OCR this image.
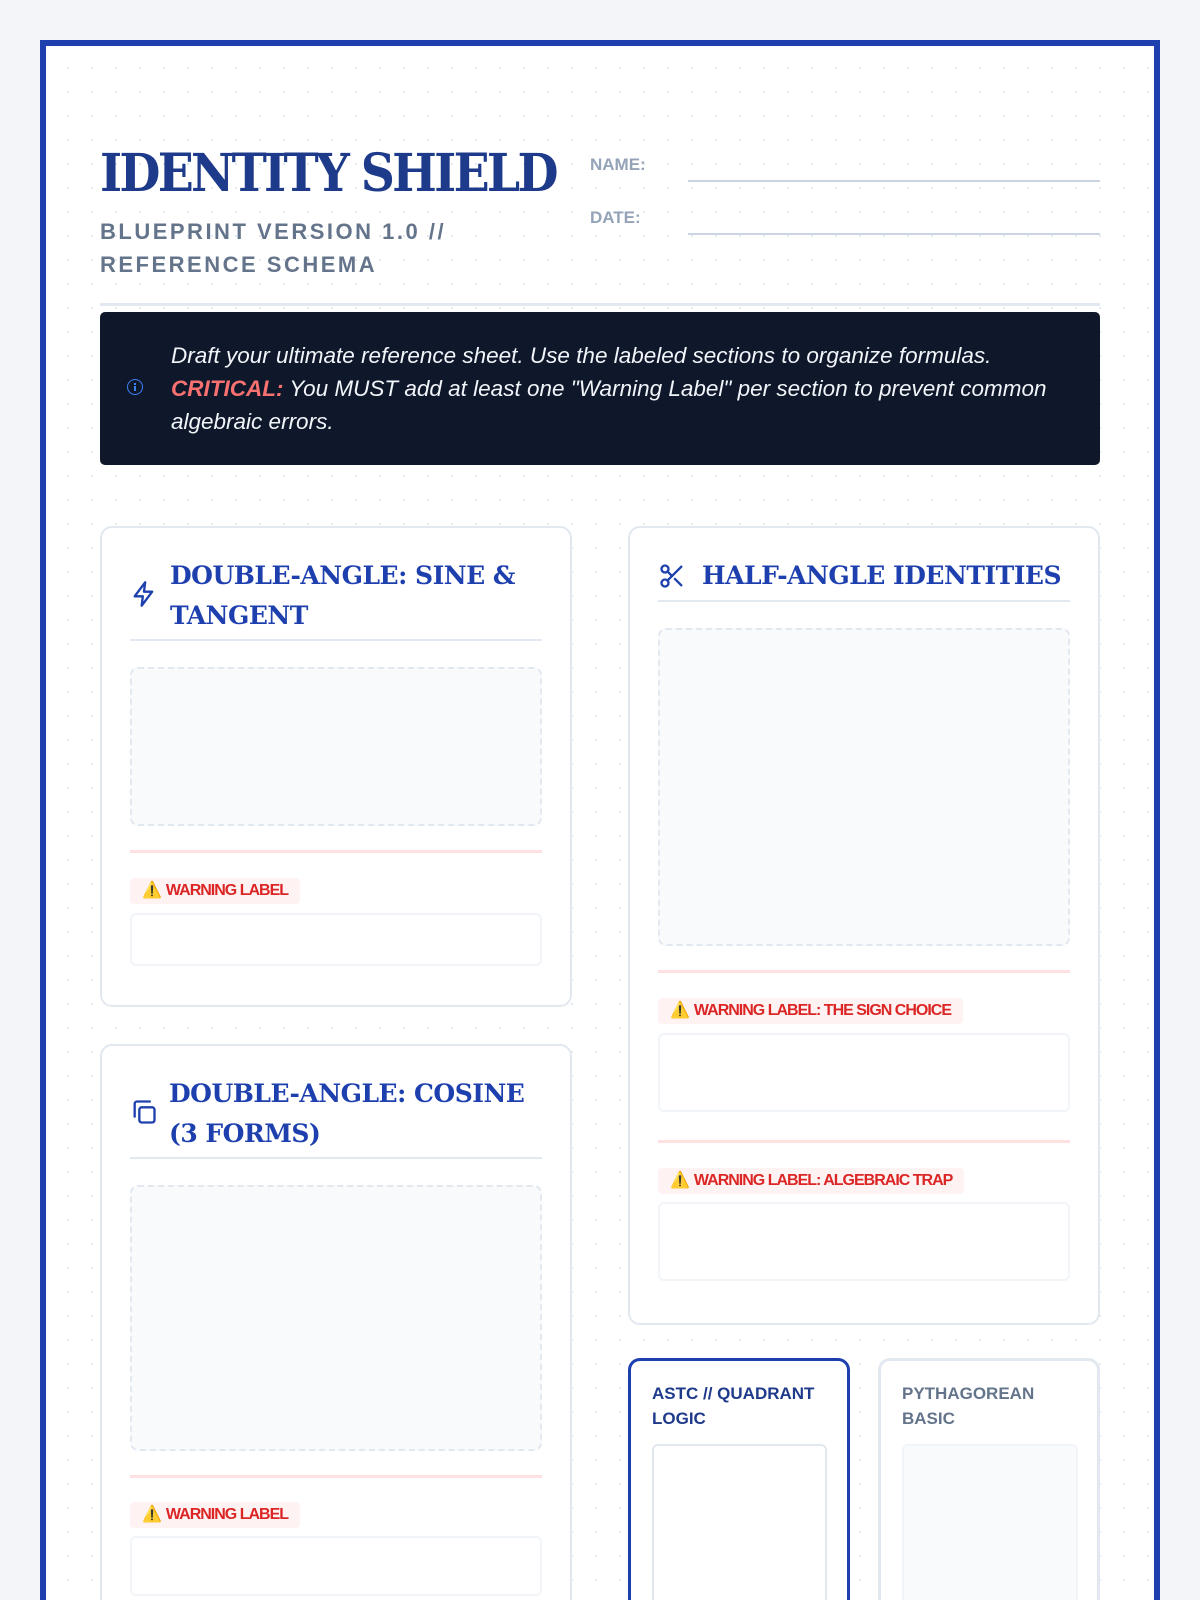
IDENTITY SHIELD
BLUEPRINT VERSION 1.0 // REFERENCE SCHEMA
NAME:
DATE:
Draft your ultimate reference sheet. Use the labeled sections to organize formulas. CRITICAL: You MUST add at least one "Warning Label" per section to prevent common algebraic errors.
DOUBLE-ANGLE: SINE & TANGENT
⚠️ WARNING LABEL
DOUBLE-ANGLE: COSINE (3 FORMS)
⚠️ WARNING LABEL
HALF-ANGLE IDENTITIES
⚠️ WARNING LABEL: THE SIGN CHOICE
⚠️ WARNING LABEL: ALGEBRAIC TRAP
ASTC // QUADRANT LOGIC
PYTHAGOREAN BASIC
